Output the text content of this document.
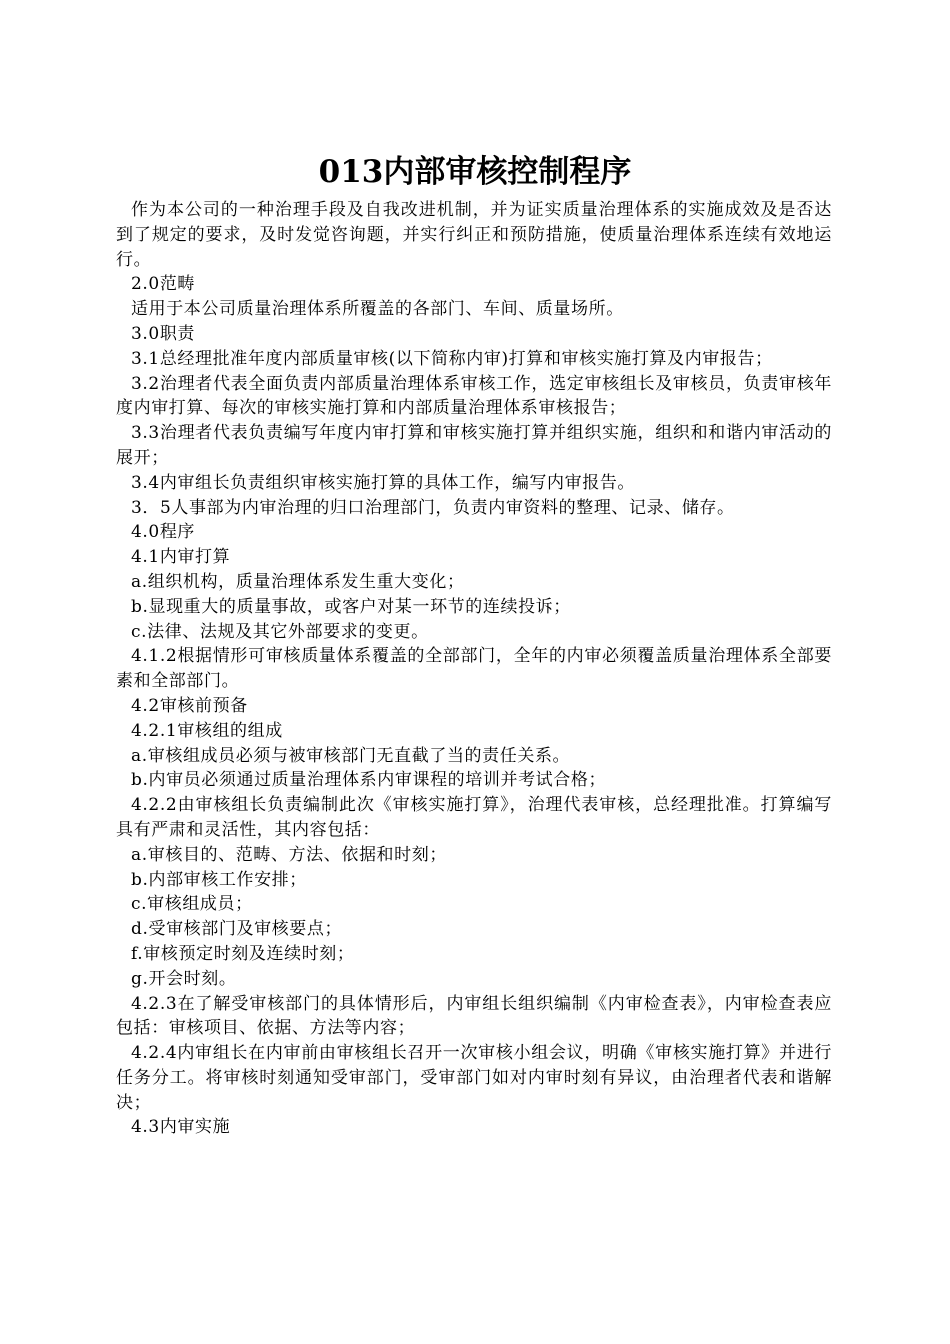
013内部审核控制程序

作为本公司的一种治理手段及自我改进机制，并为证实质量治理体系的实施成效及是否达到了规定的要求，及时发觉咨询题，并实行纠正和预防措施，使质量治理体系连续有效地运行。

2.0范畴

适用于本公司质量治理体系所覆盖的各部门、车间、质量场所。

3.0职责

3.1总经理批准年度内部质量审核(以下简称内审)打算和审核实施打算及内审报告；

3.2治理者代表全面负责内部质量治理体系审核工作，选定审核组长及审核员，负责审核年度内审打算、每次的审核实施打算和内部质量治理体系审核报告；

3.3治理者代表负责编写年度内审打算和审核实施打算并组织实施，组织和和谐内审活动的展开；

3.4内审组长负责组织审核实施打算的具体工作，编写内审报告。

3．5人事部为内审治理的归口治理部门，负责内审资料的整理、记录、储存。

4.0程序

4.1内审打算

a.组织机构，质量治理体系发生重大变化；

b.显现重大的质量事故，或客户对某一环节的连续投诉；

c.法律、法规及其它外部要求的变更。

4.1.2根据情形可审核质量体系覆盖的全部部门，全年的内审必须覆盖质量治理体系全部要素和全部部门。

4.2审核前预备

4.2.1审核组的组成

a.审核组成员必须与被审核部门无直截了当的责任关系。

b.内审员必须通过质量治理体系内审课程的培训并考试合格；

4.2.2由审核组长负责编制此次《审核实施打算》，治理代表审核，总经理批准。打算编写具有严肃和灵活性，其内容包括：

a.审核目的、范畴、方法、依据和时刻；

b.内部审核工作安排；

c.审核组成员；

d.受审核部门及审核要点；

f.审核预定时刻及连续时刻；

g.开会时刻。

4.2.3在了解受审核部门的具体情形后，内审组长组织编制《内审检查表》，内审检查表应包括：审核项目、依据、方法等内容；

4.2.4内审组长在内审前由审核组长召开一次审核小组会议，明确《审核实施打算》并进行任务分工。将审核时刻通知受审部门，受审部门如对内审时刻有异议，由治理者代表和谐解决；

4.3内审实施
